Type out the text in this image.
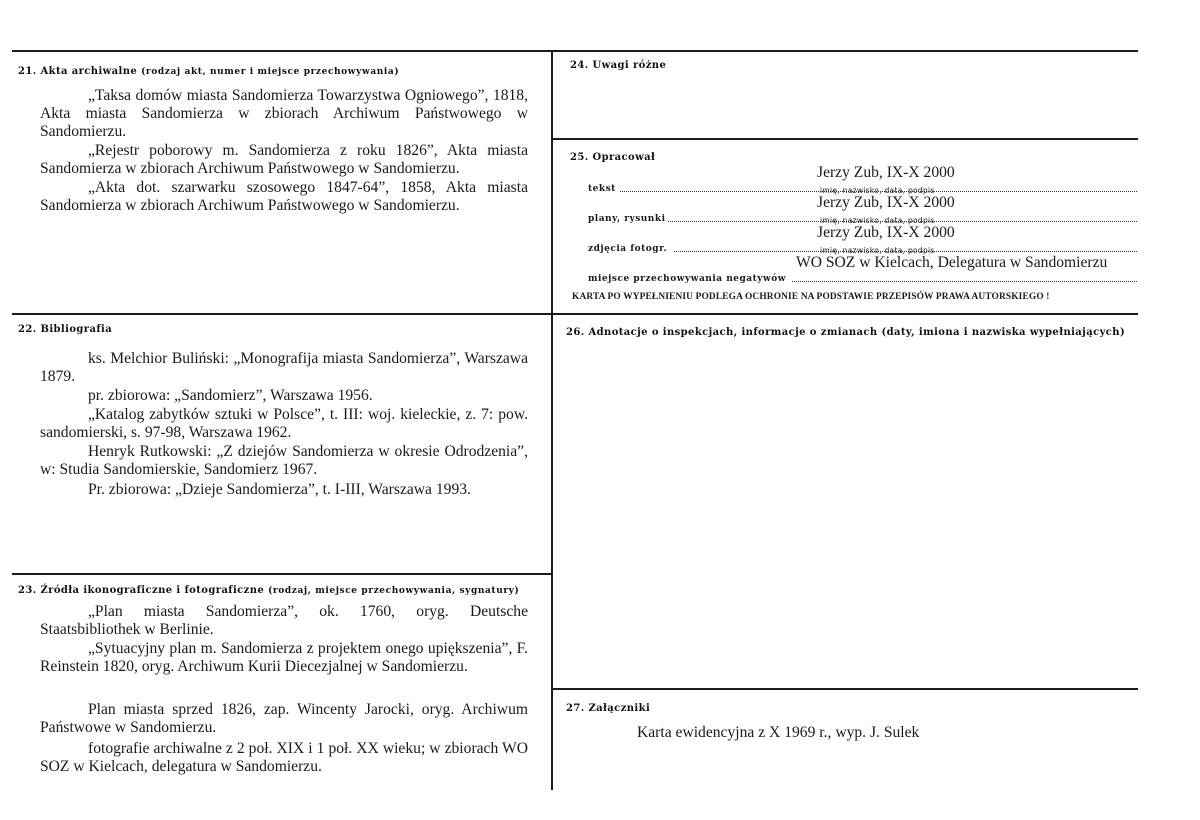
21. Akta archiwalne (rodzaj akt, numer i miejsce przechowywania)

„Taksa domów miasta Sandomierza Towarzystwa Ogniowego”, 1818, Akta miasta Sandomierza w zbiorach Archiwum Państwowego w Sandomierzu.

„Rejestr poborowy m. Sandomierza z roku 1826”, Akta miasta Sandomierza w zbiorach Archiwum Państwowego w Sandomierzu.

„Akta dot. szarwarku szosowego 1847-64”, 1858, Akta miasta Sandomierza w zbiorach Archiwum Państwowego w Sandomierzu.

22. Bibliografia

ks. Melchior Buliński: „Monografija miasta Sandomierza”, Warszawa 1879.

pr. zbiorowa: „Sandomierz”, Warszawa 1956.

„Katalog zabytków sztuki w Polsce”, t. III: woj. kieleckie, z. 7: pow. sandomierski, s. 97-98, Warszawa 1962.

Henryk Rutkowski: „Z dziejów Sandomierza w okresie Odrodzenia”, w: Studia Sandomierskie, Sandomierz 1967.

Pr. zbiorowa: „Dzieje Sandomierza”, t. I-III, Warszawa 1993.

23. Źródła ikonograficzne i fotograficzne (rodzaj, miejsce przechowywania, sygnatury)

„Plan miasta Sandomierza”, ok. 1760, oryg. Deutsche Staatsbibliothek w Berlinie.

„Sytuacyjny plan m. Sandomierza z projektem onego upiększenia”, F. Reinstein 1820, oryg. Archiwum Kurii Diecezjalnej w Sandomierzu.

Plan miasta sprzed 1826, zap. Wincenty Jarocki, oryg. Archiwum Państwowe w Sandomierzu.

fotografie archiwalne z 2 poł. XIX i 1 poł. XX wieku; w zbiorach WO SOZ w Kielcach, delegatura w Sandomierzu.

24. Uwagi różne
25. Opracował
tekst
Jerzy Zub, IX-X 2000
imię, nazwisko, data, podpis
plany, rysunki
Jerzy Zub, IX-X 2000
imię, nazwisko, data, podpis
zdjęcia fotogr.
Jerzy Zub, IX-X 2000
imię, nazwisko, data, podpis
miejsce przechowywania negatywów
WO SOZ w Kielcach, Delegatura w Sandomierzu
KARTA PO WYPEŁNIENIU PODLEGA OCHRONIE NA PODSTAWIE PRZEPISÓW PRAWA AUTORSKIEGO !
26. Adnotacje o inspekcjach, informacje o zmianach (daty, imiona i nazwiska wypełniających)
27. Załączniki
Karta ewidencyjna z X 1969 r., wyp. J. Sulek
